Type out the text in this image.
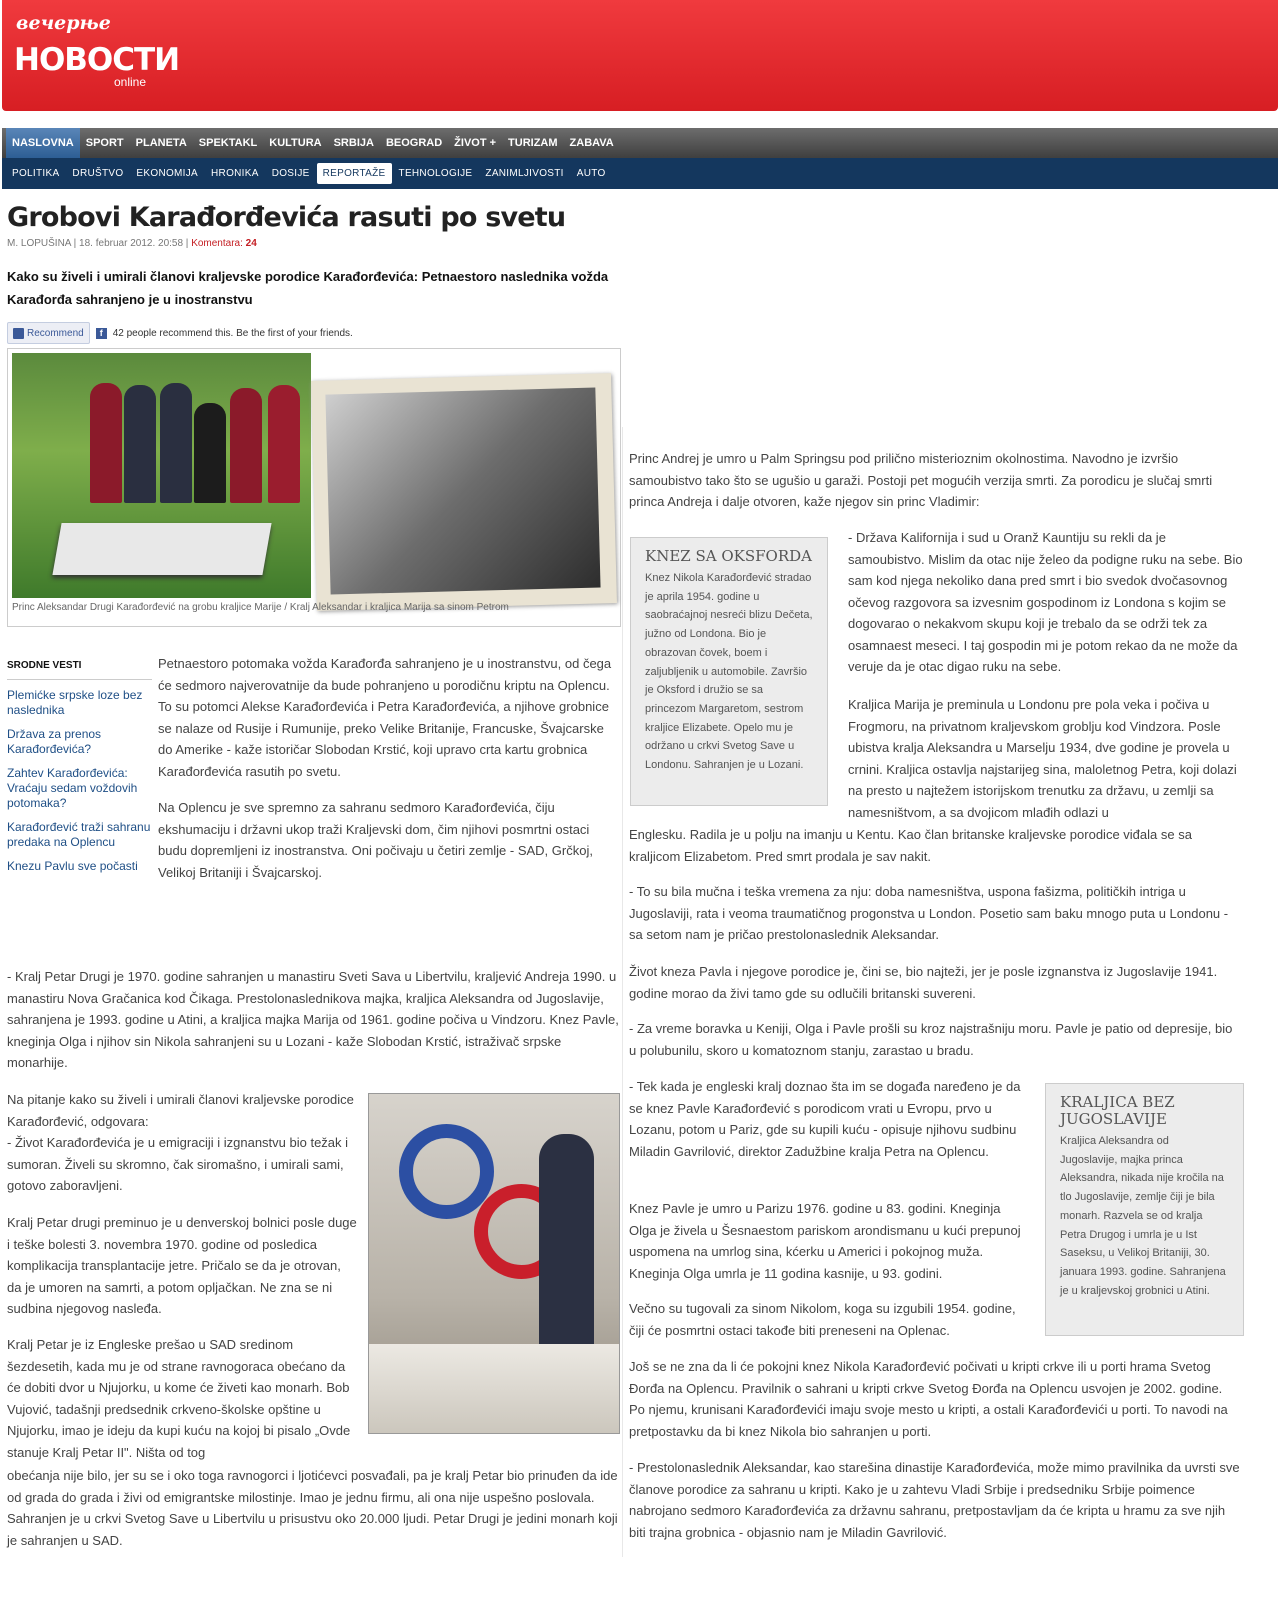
вечерње
НОВОСТИ
online
NASLOVNA	SPORT	PLANETA	SPEKTAKL	KULTURA	SRBIJA	BEOGRAD	ŽIVOT +	TURIZAM	ZABAVA
POLITIKA	DRUŠTVO	EKONOMIJA	HRONIKA	DOSIJE	REPORTAŽE	TEHNOLOGIJE	ZANIMLJIVOSTI	AUTO
Grobovi Karađorđevića rasuti po svetu
M. LOPUŠINA | 18. februar 2012. 20:58 | Komentara: 24

Kako su živeli i umirali članovi kraljevske porodice Karađorđevića: Petnaestoro naslednika vožda Karađorđa sahranjeno je u inostranstvu

Recommend	f	42 people recommend this. Be the first of your friends.
Princ Aleksandar Drugi Karađorđević na grobu kraljice Marije / Kralj Aleksandar i kraljica Marija sa sinom Petrom
SRODNE VESTI
Plemićke srpske loze bez naslednika
Država za prenos Karađorđevića?
Zahtev Karađorđevića: Vraćaju sedam voždovih potomaka?
Karađorđević traži sahranu predaka na Oplencu
Knezu Pavlu sve počasti

Petnaestoro potomaka vožda Karađorđa sahranjeno je u inostranstvu, od čega će sedmoro najverovatnije da bude pohranjeno u porodičnu kriptu na Oplencu. To su potomci Alekse Karađorđevića i Petra Karađorđevića, a njihove grobnice se nalaze od Rusije i Rumunije, preko Velike Britanije, Francuske, Švajcarske do Amerike - kaže istoričar Slobodan Krstić, koji upravo crta kartu grobnica Karađorđevića rasutih po svetu.

Na Oplencu je sve spremno za sahranu sedmoro Karađorđevića, čiju ekshumaciju i državni ukop traži Kraljevski dom, čim njihovi posmrtni ostaci budu dopremljeni iz inostranstva. Oni počivaju u četiri zemlje - SAD, Grčkoj, Velikoj Britaniji i Švajcarskoj.

- Kralj Petar Drugi je 1970. godine sahranjen u manastiru Sveti Sava u Libertvilu, kraljević Andreja 1990. u manastiru Nova Gračanica kod Čikaga. Prestolonaslednikova majka, kraljica Aleksandra od Jugoslavije, sahranjena je 1993. godine u Atini, a kraljica majka Marija od 1961. godine počiva u Vindzoru. Knez Pavle, kneginja Olga i njihov sin Nikola sahranjeni su u Lozani - kaže Slobodan Krstić, istraživač srpske monarhije.

Na pitanje kako su živeli i umirali članovi kraljevske porodice Karađorđević, odgovara:
- Život Karađorđevića je u emigraciji i izgnanstvu bio težak i sumoran. Živeli su skromno, čak siromašno, i umirali sami, gotovo zaboravljeni.

Kralj Petar drugi preminuo je u denverskoj bolnici posle duge i teške bolesti 3. novembra 1970. godine od posledica komplikacija transplantacije jetre. Pričalo se da je otrovan, da je umoren na samrti, a potom opljačkan. Ne zna se ni sudbina njegovog nasleđa.

Kralj Petar je iz Engleske prešao u SAD sredinom šezdesetih, kada mu je od strane ravnogoraca obećano da će dobiti dvor u Njujorku, u kome će živeti kao monarh. Bob Vujović, tadašnji predsednik crkveno-školske opštine u Njujorku, imao je ideju da kupi kuću na kojoj bi pisalo „Ovde stanuje Kralj Petar II". Ništa od tog

obećanja nije bilo, jer su se i oko toga ravnogorci i ljotićevci posvađali, pa je kralj Petar bio prinuđen da ide od grada do grada i živi od emigrantske milostinje. Imao je jednu firmu, ali ona nije uspešno poslovala. Sahranjen je u crkvi Svetog Save u Libertvilu u prisustvu oko 20.000 ljudi. Petar Drugi je jedini monarh koji je sahranjen u SAD.

Princ Andrej je umro u Palm Springsu pod prilično misterioznim okolnostima. Navodno je izvršio samoubistvo tako što se ugušio u garaži. Postoji pet mogućih verzija smrti. Za porodicu je slučaj smrti princa Andreja i dalje otvoren, kaže njegov sin princ Vladimir:

KNEZ SA OKSFORDA

Knez Nikola Karađorđević stradao je aprila 1954. godine u saobraćajnoj nesreći blizu Dečeta, južno od Londona. Bio je obrazovan čovek, boem i zaljubljenik u automobile. Završio je Oksford i družio se sa princezom Margaretom, sestrom kraljice Elizabete. Opelo mu je održano u crkvi Svetog Save u Londonu. Sahranjen je u Lozani.

- Država Kalifornija i sud u Oranž Kauntiju su rekli da je samoubistvo. Mislim da otac nije želeo da podigne ruku na sebe. Bio sam kod njega nekoliko dana pred smrt i bio svedok dvočasovnog očevog razgovora sa izvesnim gospodinom iz Londona s kojim se dogovarao o nekakvom skupu koji je trebalo da se održi tek za osamnaest meseci. I taj gospodin mi je potom rekao da ne može da veruje da je otac digao ruku na sebe.

Kraljica Marija je preminula u Londonu pre pola veka i počiva u Frogmoru, na privatnom kraljevskom groblju kod Vindzora. Posle ubistva kralja Aleksandra u Marselju 1934, dve godine je provela u crnini. Kraljica ostavlja najstarijeg sina, maloletnog Petra, koji dolazi na presto u najtežem istorijskom trenutku za državu, u zemlji sa namesništvom, a sa dvojicom mlađih odlazi u

Englesku. Radila je u polju na imanju u Kentu. Kao član britanske kraljevske porodice viđala se sa kraljicom Elizabetom. Pred smrt prodala je sav nakit.

- To su bila mučna i teška vremena za nju: doba namesništva, uspona fašizma, političkih intriga u Jugoslaviji, rata i veoma traumatičnog progonstva u London. Posetio sam baku mnogo puta u Londonu - sa setom nam je pričao prestolonaslednik Aleksandar.

Život kneza Pavla i njegove porodice je, čini se, bio najteži, jer je posle izgnanstva iz Jugoslavije 1941. godine morao da živi tamo gde su odlučili britanski suvereni.

- Za vreme boravka u Keniji, Olga i Pavle prošli su kroz najstrašniju moru. Pavle je patio od depresije, bio u polubunilu, skoro u komatoznom stanju, zarastao u bradu.

- Tek kada je engleski kralj doznao šta im se događa naređeno je da se knez Pavle Karađorđević s porodicom vrati u Evropu, prvo u Lozanu, potom u Pariz, gde su kupili kuću - opisuje njihovu sudbinu Miladin Gavrilović, direktor Zadužbine kralja Petra na Oplencu.

KRALJICA BEZ JUGOSLAVIJE

Kraljica Aleksandra od Jugoslavije, majka princa Aleksandra, nikada nije kročila na tlo Jugoslavije, zemlje čiji je bila monarh. Razvela se od kralja Petra Drugog i umrla je u Ist Saseksu, u Velikoj Britaniji, 30. januara 1993. godine. Sahranjena je u kraljevskoj grobnici u Atini.

Knez Pavle je umro u Parizu 1976. godine u 83. godini. Kneginja Olga je živela u Šesnaestom pariskom arondismanu u kući prepunoj uspomena na umrlog sina, kćerku u Americi i pokojnog muža. Kneginja Olga umrla je 11 godina kasnije, u 93. godini.

Večno su tugovali za sinom Nikolom, koga su izgubili 1954. godine, čiji će posmrtni ostaci takođe biti preneseni na Oplenac.

Još se ne zna da li će pokojni knez Nikola Karađorđević počivati u kripti crkve ili u porti hrama Svetog Đorđa na Oplencu. Pravilnik o sahrani u kripti crkve Svetog Đorđa na Oplencu usvojen je 2002. godine. Po njemu, krunisani Karađorđevići imaju svoje mesto u kripti, a ostali Karađorđevići u porti. To navodi na pretpostavku da bi knez Nikola bio sahranjen u porti.

- Prestolonaslednik Aleksandar, kao starešina dinastije Karađorđevića, može mimo pravilnika da uvrsti sve članove porodice za sahranu u kripti. Kako je u zahtevu Vladi Srbije i predsedniku Srbije poimence nabrojano sedmoro Karađorđevića za državnu sahranu, pretpostavljam da će kripta u hramu za sve njih biti trajna grobnica - objasnio nam je Miladin Gavrilović.
